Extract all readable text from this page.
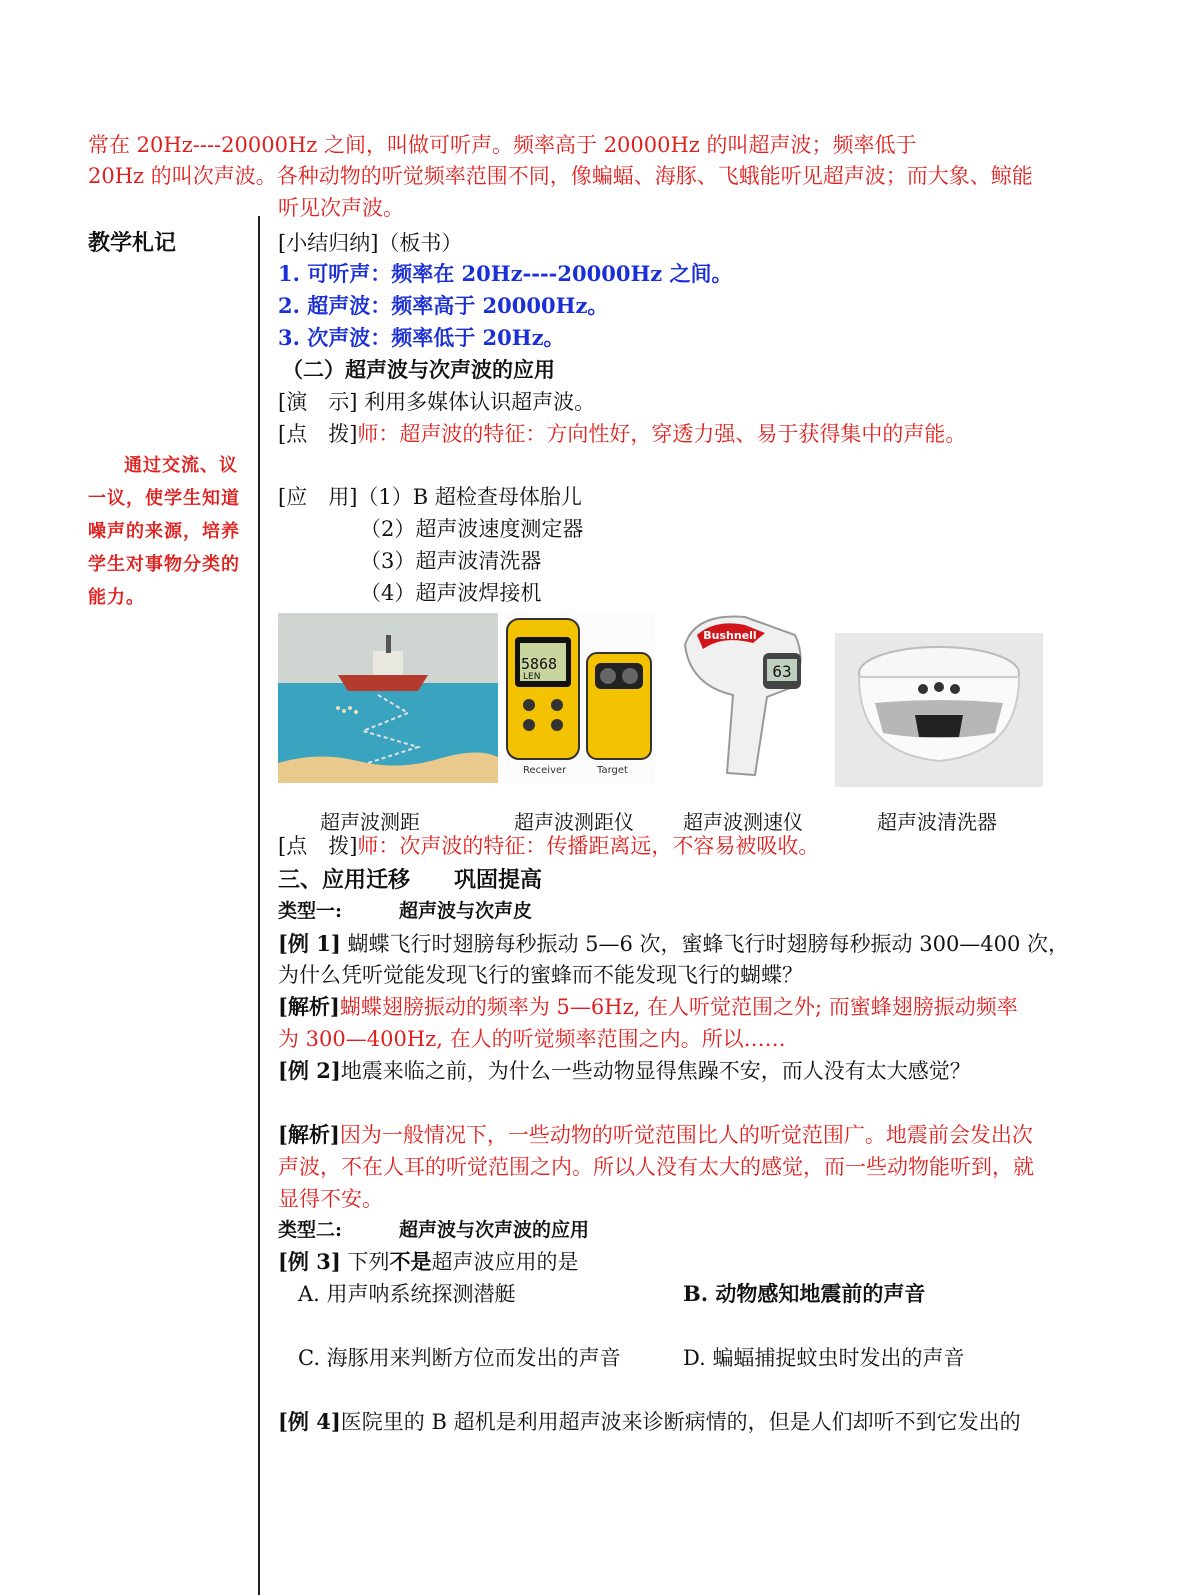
常在 20Hz----20000Hz 之间，叫做可听声。频率高于 20000Hz 的叫超声波；频率低于
20Hz 的叫次声波。各种动物的听觉频率范围不同，像蝙蝠、海豚、飞蛾能听见超声波；而大象、鲸能
听见次声波。
教学札记
通过交流、议一议，使学生知道噪声的来源，培养学生对事物分类的能力。
[小结归纳]（板书）
1. 可听声：频率在 20Hz----20000Hz 之间。
2. 超声波：频率高于 20000Hz。
3. 次声波：频率低于 20Hz。
（二）超声波与次声波的应用
[演　示] 利用多媒体认识超声波。
[点　拨]师：超声波的特征：方向性好，穿透力强、易于获得集中的声能。
[应　用]（1）B 超检查母体胎儿
（2）超声波速度测定器
（3）超声波清洗器
（4）超声波焊接机
5868
LEN
Receiver	Target
Bushnell
63
超声波测距	超声波测距仪 超声波测速仪	超声波清洗器
[点　拨]师：次声波的特征：传播距离远，不容易被吸收。
三、应用迁移　　巩固提高
类型一:　　　超声波与次声皮
[例 1] 蝴蝶飞行时翅膀每秒振动 5—6 次，蜜蜂飞行时翅膀每秒振动 300—400 次，
为什么凭听觉能发现飞行的蜜蜂而不能发现飞行的蝴蝶？
[解析]蝴蝶翅膀振动的频率为 5—6Hz, 在人听觉范围之外; 而蜜蜂翅膀振动频率
为 300—400Hz, 在人的听觉频率范围之内。所以……
[例 2]地震来临之前，为什么一些动物显得焦躁不安，而人没有太大感觉？
[解析]因为一般情况下，一些动物的听觉范围比人的听觉范围广。地震前会发出次
声波，不在人耳的听觉范围之内。所以人没有太大的感觉，而一些动物能听到，就
显得不安。
类型二:　　　超声波与次声波的应用
[例 3] 下列不是超声波应用的是
A. 用声呐系统探测潜艇	B. 动物感知地震前的声音
C. 海豚用来判断方位而发出的声音	D. 蝙蝠捕捉蚊虫时发出的声音
[例 4]医院里的 B 超机是利用超声波来诊断病情的，但是人们却听不到它发出的
